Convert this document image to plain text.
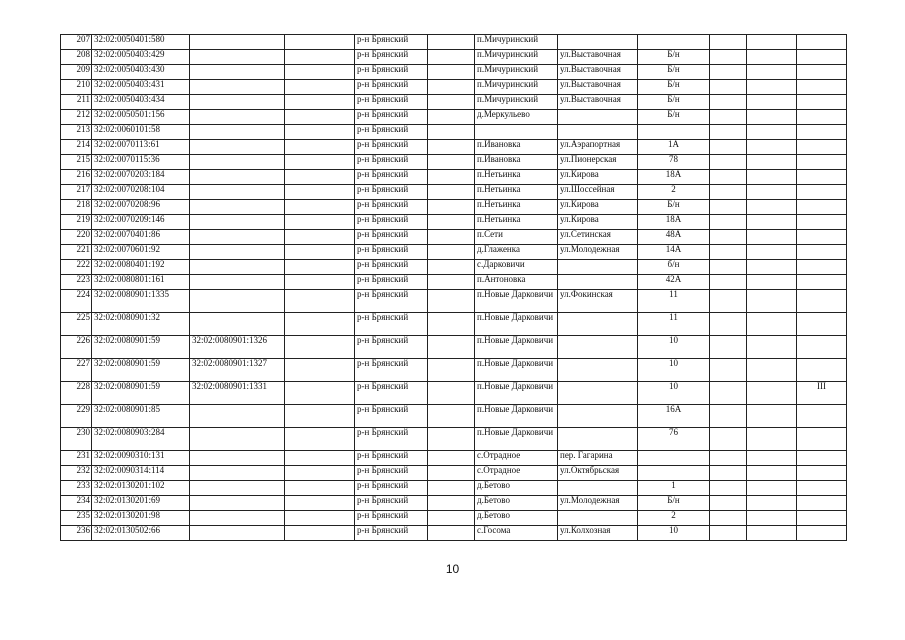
207	32:02:0050401:580			р-н Брянский		п.Мичуринский					
208	32:02:0050403:429			р-н Брянский		п.Мичуринский	ул.Выставочная	Б/н			
209	32:02:0050403:430			р-н Брянский		п.Мичуринский	ул.Выставочная	Б/н			
210	32:02:0050403:431			р-н Брянский		п.Мичуринский	ул.Выставочная	Б/н			
211	32:02:0050403:434			р-н Брянский		п.Мичуринский	ул.Выставочная	Б/н			
212	32:02:0050501:156			р-н Брянский		д.Меркульево		Б/н			
213	32:02:0060101:58			р-н Брянский							
214	32:02:0070113:61			р-н Брянский		п.Ивановка	ул.Аэрапортная	1А			
215	32:02:0070115:36			р-н Брянский		п.Ивановка	ул.Пионерская	78			
216	32:02:0070203:184			р-н Брянский		п.Нетьинка	ул.Кирова	18А			
217	32:02:0070208:104			р-н Брянский		п.Нетьинка	ул.Шоссейная	2			
218	32:02:0070208:96			р-н Брянский		п.Нетьинка	ул.Кирова	Б/н			
219	32:02:0070209:146			р-н Брянский		п.Нетьинка	ул.Кирова	18А			
220	32:02:0070401:86			р-н Брянский		п.Сети	ул.Сетинская	48А			
221	32:02:0070601:92			р-н Брянский		д.Глаженка	ул.Молодежная	14А			
222	32:02:0080401:192			р-н Брянский		с.Дарковичи		б/н			
223	32:02:0080801:161			р-н Брянский		п.Антоновка		42А			
224	32:02:0080901:1335			р-н Брянский		п.Новые Дарковичи	ул.Фокинская	11			
225	32:02:0080901:32			р-н Брянский		п.Новые Дарковичи		11			
226	32:02:0080901:59	32:02:0080901:1326		р-н Брянский		п.Новые Дарковичи		10			
227	32:02:0080901:59	32:02:0080901:1327		р-н Брянский		п.Новые Дарковичи		10			
228	32:02:0080901:59	32:02:0080901:1331		р-н Брянский		п.Новые Дарковичи		10			III
229	32:02:0080901:85			р-н Брянский		п.Новые Дарковичи		16А			
230	32:02:0080903:284			р-н Брянский		п.Новые Дарковичи		76			
231	32:02:0090310:131			р-н Брянский		с.Отрадное	пер. Гагарина				
232	32:02:0090314:114			р-н Брянский		с.Отрадное	ул.Октябрьская				
233	32:02:0130201:102			р-н Брянский		д.Бетово		1			
234	32:02:0130201:69			р-н Брянский		д.Бетово	ул.Молодежная	Б/н			
235	32:02:0130201:98			р-н Брянский		д.Бетово		2			
236	32:02:0130502:66			р-н Брянский		с.Госома	ул.Колхозная	10			
10
